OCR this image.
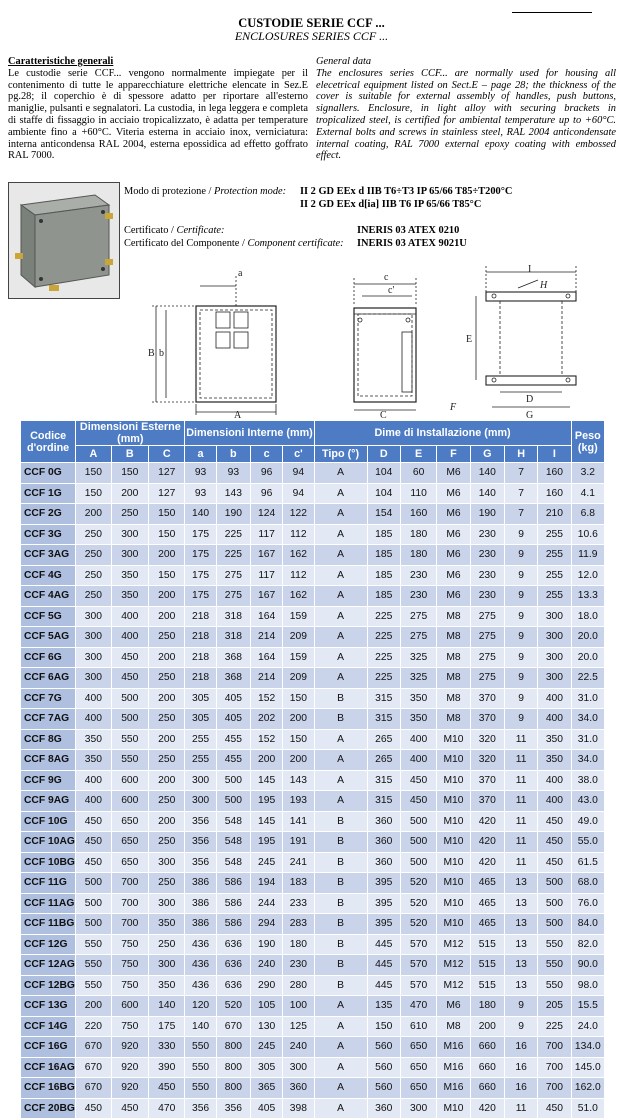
CUSTODIE SERIE CCF ...
ENCLOSURES SERIES CCF ...
Caratteristiche generali
Le custodie serie CCF... vengono normalmente impiegate per il contenimento di tutte le apparecchiature elettriche elencate in Sez.E pg.28; il coperchio è di spessore adatto per riportare all'esterno maniglie, pulsanti e segnalatori. La custodia, in lega leggera e completa di staffe di fissaggio in acciaio tropicalizzato, è adatta per temperature ambiente fino a +60°C. Viteria esterna in acciaio inox, verniciatura: interna anticondensa RAL 2004, esterna epossidica ad effetto goffrato RAL 7000.
General data
The enclosures series CCF... are normally used for housing all elecetrical equipment listed on Sect.E – page 28; the thickness of the cover is suitable for external assembly of handles, push buttons, signallers. Enclosure, in light alloy with securing brackets in tropicalized steel, is certified for ambiental temperature up to +60°C. External bolts and screws in stainless steel, RAL 2004 anticondensate internal coating, RAL 7000 external epoxy coating with embossed effect.
Modo di protezione / Protection mode: II 2 GD EEx d IIB T6÷T3 IP 65/66 T85÷T200°C
II 2 GD EEx d[ia] IIB T6 IP 65/66 T85°C
Certificato / Certificate:	INERIS 03 ATEX 0210
Certificato del Componente / Component certificate: INERIS 03 ATEX 9021U
A
B
a
b
c
c'
C
I
E
D
G
H
F
Codice d'ordine	Dimensioni Esterne (mm)			Dimensioni Interne (mm)				Dime di Installazione (mm)							Peso (kg)
	A	B	C	a	b	c	c'	Tipo (°)	D	E	F	G	H	I	
CCF 0G	150	150	127	93	93	96	94	A	104	60	M6	140	7	160	3.2
CCF 1G	150	200	127	93	143	96	94	A	104	110	M6	140	7	160	4.1
CCF 2G	200	250	150	140	190	124	122	A	154	160	M6	190	7	210	6.8
CCF 3G	250	300	150	175	225	117	112	A	185	180	M6	230	9	255	10.6
CCF 3AG	250	300	200	175	225	167	162	A	185	180	M6	230	9	255	11.9
CCF 4G	250	350	150	175	275	117	112	A	185	230	M6	230	9	255	12.0
CCF 4AG	250	350	200	175	275	167	162	A	185	230	M6	230	9	255	13.3
CCF 5G	300	400	200	218	318	164	159	A	225	275	M8	275	9	300	18.0
CCF 5AG	300	400	250	218	318	214	209	A	225	275	M8	275	9	300	20.0
CCF 6G	300	450	200	218	368	164	159	A	225	325	M8	275	9	300	20.0
CCF 6AG	300	450	250	218	368	214	209	A	225	325	M8	275	9	300	22.5
CCF 7G	400	500	200	305	405	152	150	B	315	350	M8	370	9	400	31.0
CCF 7AG	400	500	250	305	405	202	200	B	315	350	M8	370	9	400	34.0
CCF 8G	350	550	200	255	455	152	150	A	265	400	M10	320	11	350	31.0
CCF 8AG	350	550	250	255	455	200	200	A	265	400	M10	320	11	350	34.0
CCF 9G	400	600	200	300	500	145	143	A	315	450	M10	370	11	400	38.0
CCF 9AG	400	600	250	300	500	195	193	A	315	450	M10	370	11	400	43.0
CCF 10G	450	650	200	356	548	145	141	B	360	500	M10	420	11	450	49.0
CCF 10AG	450	650	250	356	548	195	191	B	360	500	M10	420	11	450	55.0
CCF 10BG	450	650	300	356	548	245	241	B	360	500	M10	420	11	450	61.5
CCF 11G	500	700	250	386	586	194	183	B	395	520	M10	465	13	500	68.0
CCF 11AG	500	700	300	386	586	244	233	B	395	520	M10	465	13	500	76.0
CCF 11BG	500	700	350	386	586	294	283	B	395	520	M10	465	13	500	84.0
CCF 12G	550	750	250	436	636	190	180	B	445	570	M12	515	13	550	82.0
CCF 12AG	550	750	300	436	636	240	230	B	445	570	M12	515	13	550	90.0
CCF 12BG	550	750	350	436	636	290	280	B	445	570	M12	515	13	550	98.0
CCF 13G	200	600	140	120	520	105	100	A	135	470	M6	180	9	205	15.5
CCF 14G	220	750	175	140	670	130	125	A	150	610	M8	200	9	225	24.0
CCF 16G	670	920	330	550	800	245	240	A	560	650	M16	660	16	700	134.0
CCF 16AG	670	920	390	550	800	305	300	A	560	650	M16	660	16	700	145.0
CCF 16BG	670	920	450	550	800	365	360	A	560	650	M16	660	16	700	162.0
CCF 20BG	450	450	470	356	356	405	398	A	360	300	M10	420	11	450	51.0
